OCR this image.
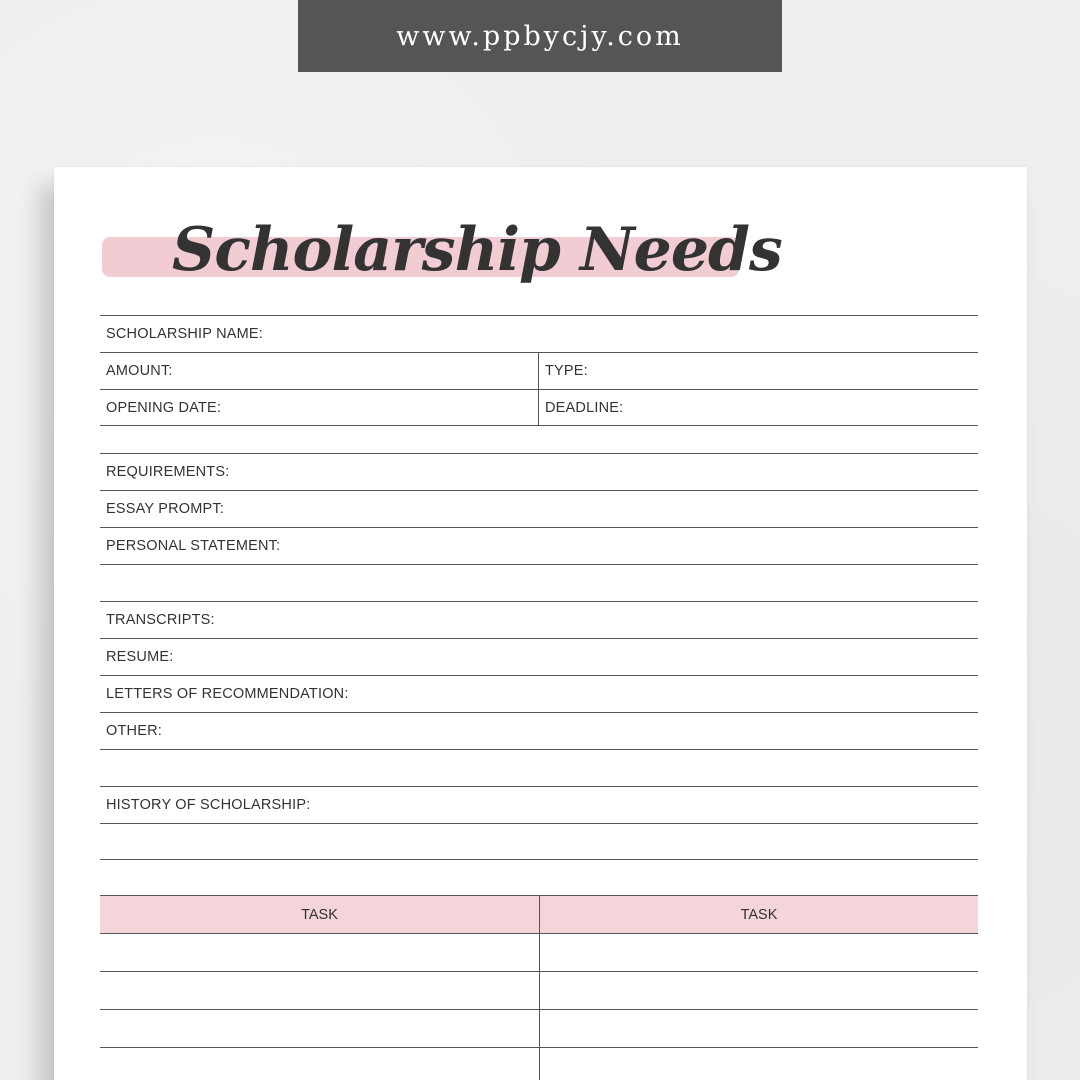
www.ppbycjy.com
Scholarship Needs
SCHOLARSHIP NAME:
AMOUNT:	TYPE:
OPENING DATE:	DEADLINE:
REQUIREMENTS:
ESSAY PROMPT:
PERSONAL STATEMENT:
TRANSCRIPTS:
RESUME:
LETTERS OF RECOMMENDATION:
OTHER:
HISTORY OF SCHOLARSHIP:
TASK	TASK
